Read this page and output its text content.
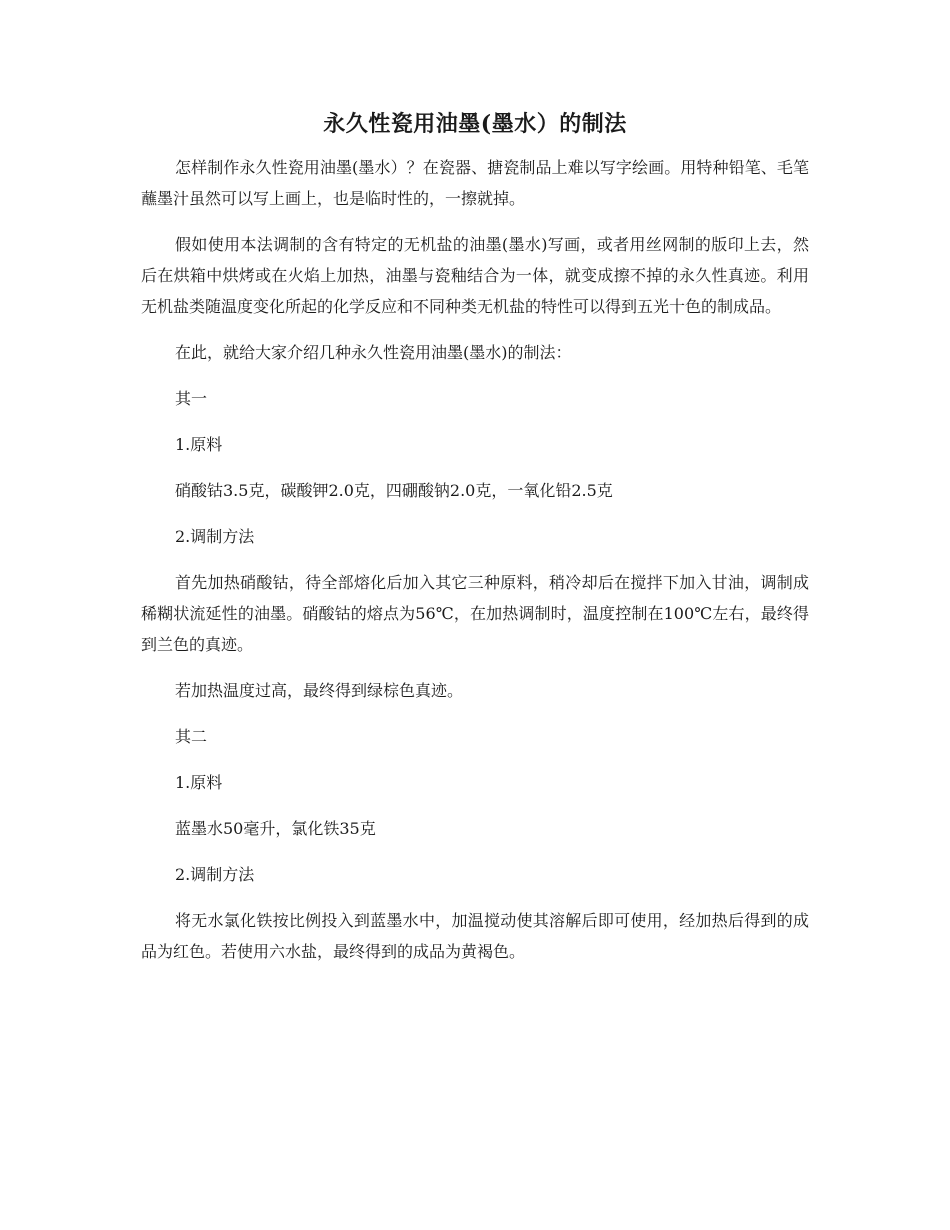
永久性瓷用油墨(墨水）的制法

怎样制作永久性瓷用油墨(墨水）？在瓷器、搪瓷制品上难以写字绘画。用特种铅笔、毛笔蘸墨汁虽然可以写上画上，也是临时性的，一擦就掉。

假如使用本法调制的含有特定的无机盐的油墨(墨水)写画，或者用丝网制的版印上去，然后在烘箱中烘烤或在火焰上加热，油墨与瓷釉结合为一体，就变成擦不掉的永久性真迹。利用无机盐类随温度变化所起的化学反应和不同种类无机盐的特性可以得到五光十色的制成品。

在此，就给大家介绍几种永久性瓷用油墨(墨水)的制法：

其一

1.原料

硝酸钴3.5克，碳酸钾2.0克，四硼酸钠2.0克，一氧化铅2.5克

2.调制方法

首先加热硝酸钴，待全部熔化后加入其它三种原料，稍冷却后在搅拌下加入甘油，调制成稀糊状流延性的油墨。硝酸钴的熔点为56℃，在加热调制时，温度控制在100℃左右，最终得到兰色的真迹。

若加热温度过高，最终得到绿棕色真迹。

其二

1.原料

蓝墨水50毫升，氯化铁35克

2.调制方法

将无水氯化铁按比例投入到蓝墨水中，加温搅动使其溶解后即可使用，经加热后得到的成品为红色。若使用六水盐，最终得到的成品为黄褐色。
